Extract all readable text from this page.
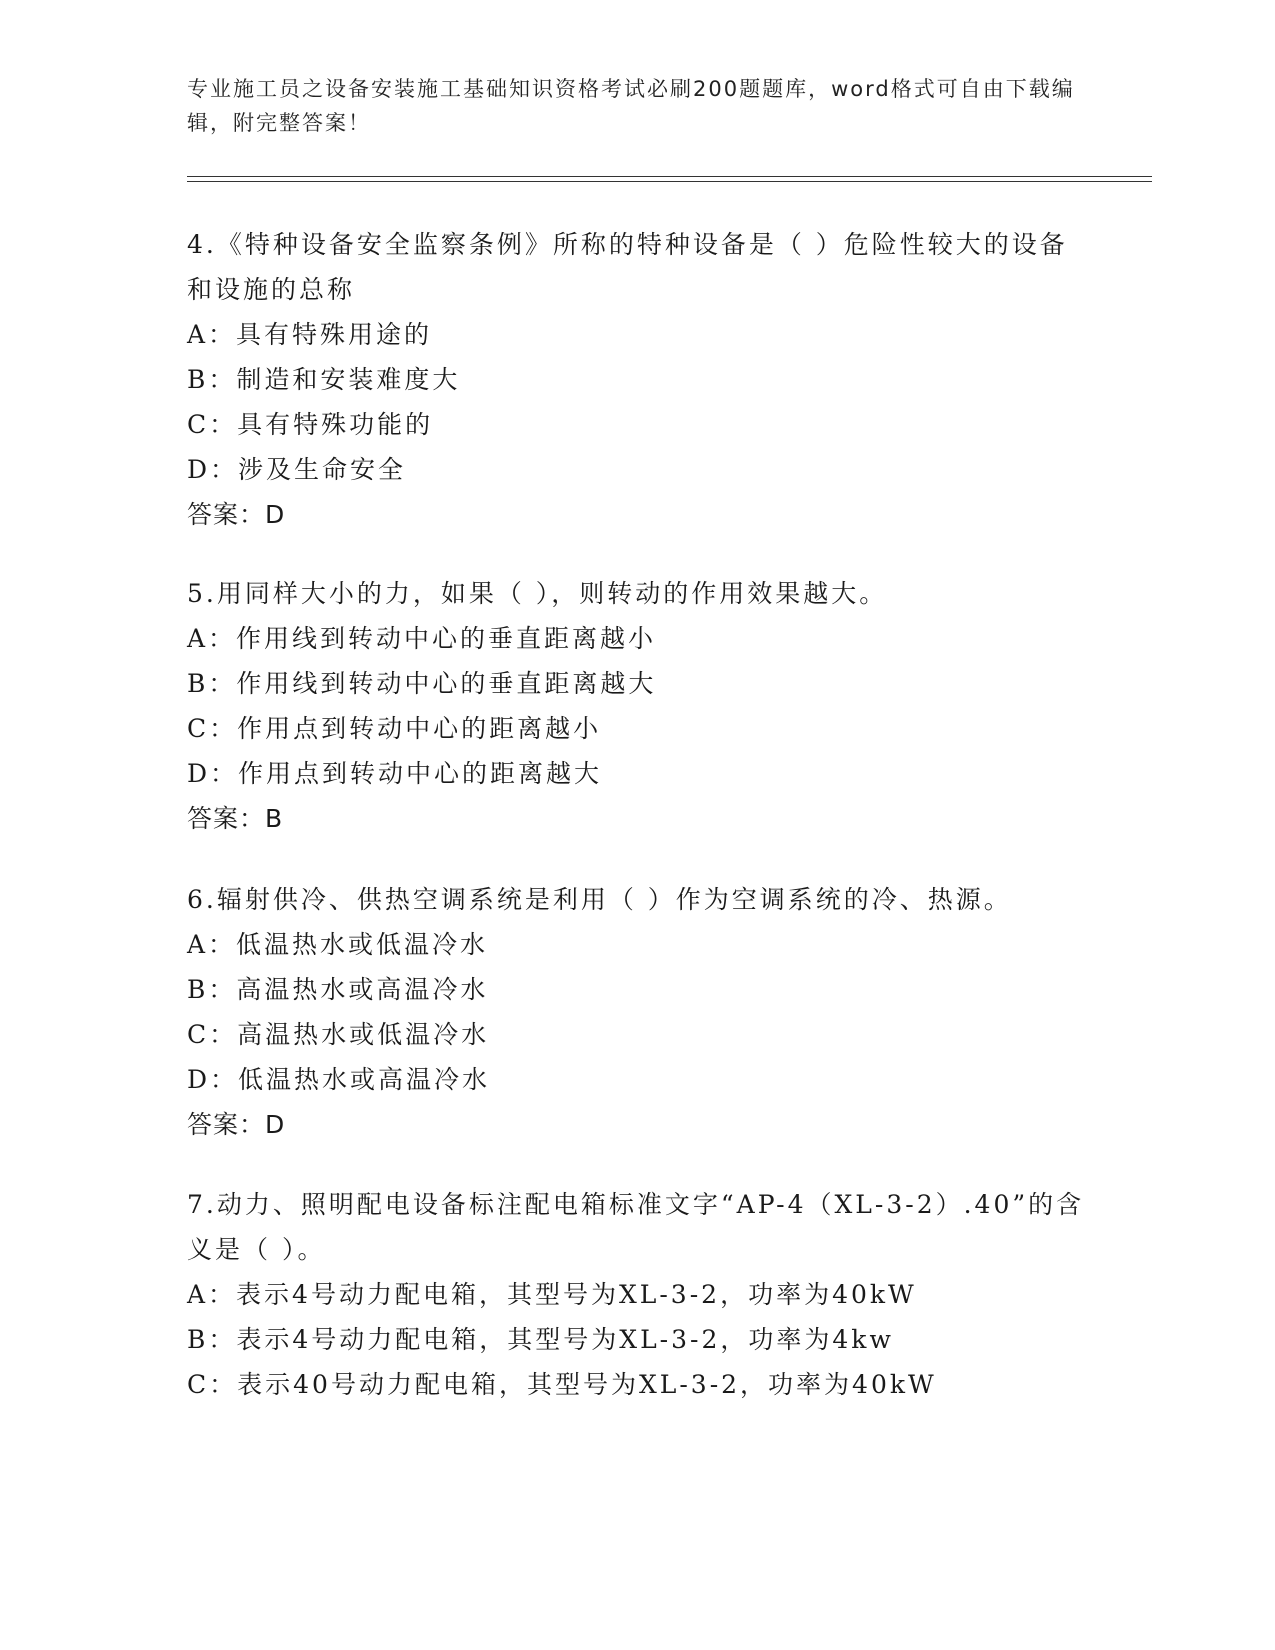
专业施工员之设备安装施工基础知识资格考试必刷200题题库，word格式可自由下载编辑，附完整答案！

4.《特种设备安全监察条例》所称的特种设备是（ ）危险性较大的设备和设施的总称

A：具有特殊用途的

B：制造和安装难度大

C：具有特殊功能的

D：涉及生命安全

答案：D

5.用同样大小的力，如果（ ），则转动的作用效果越大。

A：作用线到转动中心的垂直距离越小

B：作用线到转动中心的垂直距离越大

C：作用点到转动中心的距离越小

D：作用点到转动中心的距离越大

答案：B

6.辐射供冷、供热空调系统是利用（ ）作为空调系统的冷、热源。

A：低温热水或低温冷水

B：高温热水或高温冷水

C：高温热水或低温冷水

D：低温热水或高温冷水

答案：D

7.动力、照明配电设备标注配电箱标准文字“AP-4（XL-3-2）.40”的含义是（ ）。

A：表示4号动力配电箱，其型号为XL-3-2，功率为40kW

B：表示4号动力配电箱，其型号为XL-3-2，功率为4kw

C：表示40号动力配电箱，其型号为XL-3-2，功率为40kW
